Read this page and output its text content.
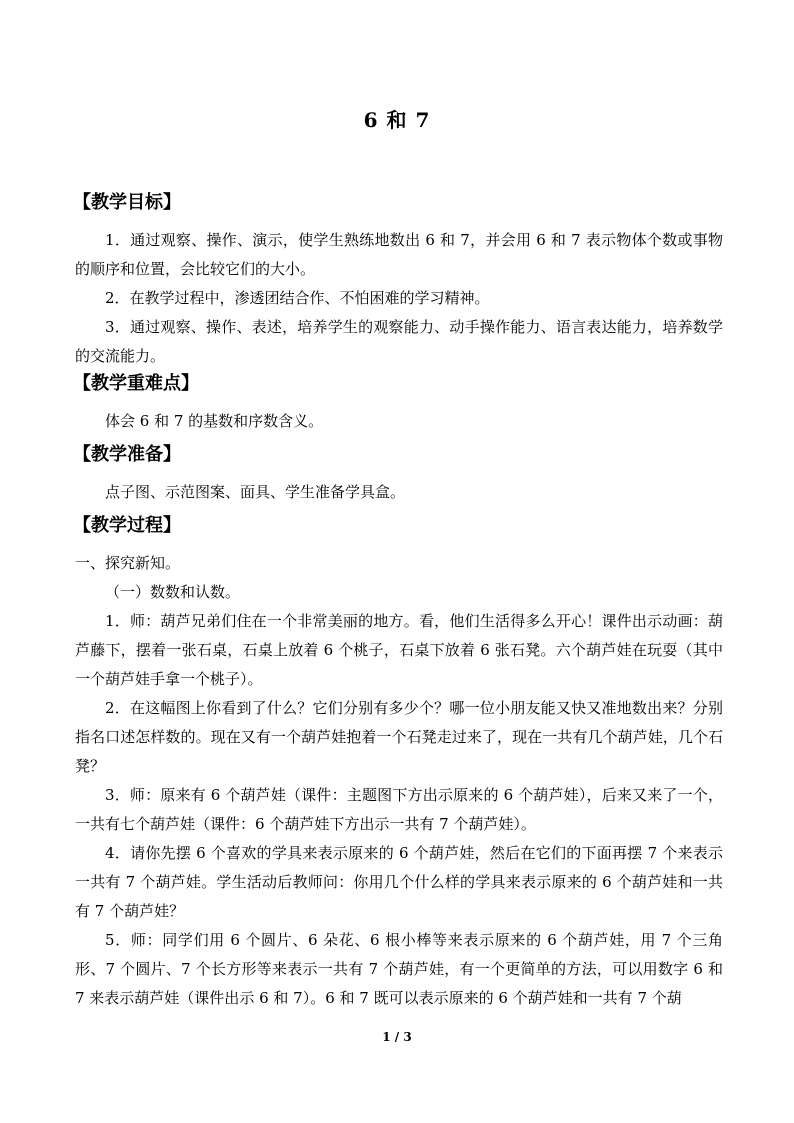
6 和 7
【教学目标】

1．通过观察、操作、演示，使学生熟练地数出 6 和 7，并会用 6 和 7 表示物体个数或事物的顺序和位置，会比较它们的大小。

2．在教学过程中，渗透团结合作、不怕困难的学习精神。

3．通过观察、操作、表述，培养学生的观察能力、动手操作能力、语言表达能力，培养数学的交流能力。

【教学重难点】

体会 6 和 7 的基数和序数含义。

【教学准备】

点子图、示范图案、面具、学生准备学具盒。

【教学过程】

一、探究新知。

（一）数数和认数。

1．师：葫芦兄弟们住在一个非常美丽的地方。看，他们生活得多么开心！课件出示动画：葫芦藤下，摆着一张石桌，石桌上放着 6 个桃子，石桌下放着 6 张石凳。六个葫芦娃在玩耍（其中一个葫芦娃手拿一个桃子）。

2．在这幅图上你看到了什么？它们分别有多少个？哪一位小朋友能又快又准地数出来？分别指名口述怎样数的。现在又有一个葫芦娃抱着一个石凳走过来了，现在一共有几个葫芦娃，几个石凳？

3．师：原来有 6 个葫芦娃（课件：主题图下方出示原来的 6 个葫芦娃），后来又来了一个，一共有七个葫芦娃（课件：6 个葫芦娃下方出示一共有 7 个葫芦娃）。

4．请你先摆 6 个喜欢的学具来表示原来的 6 个葫芦娃，然后在它们的下面再摆 7 个来表示一共有 7 个葫芦娃。学生活动后教师问：你用几个什么样的学具来表示原来的 6 个葫芦娃和一共有 7 个葫芦娃？

5．师：同学们用 6 个圆片、6 朵花、6 根小棒等来表示原来的 6 个葫芦娃，用 7 个三角形、7 个圆片、7 个长方形等来表示一共有 7 个葫芦娃，有一个更简单的方法，可以用数字 6 和 7 来表示葫芦娃（课件出示 6 和 7）。6 和 7 既可以表示原来的 6 个葫芦娃和一共有 7 个葫

1 / 3
